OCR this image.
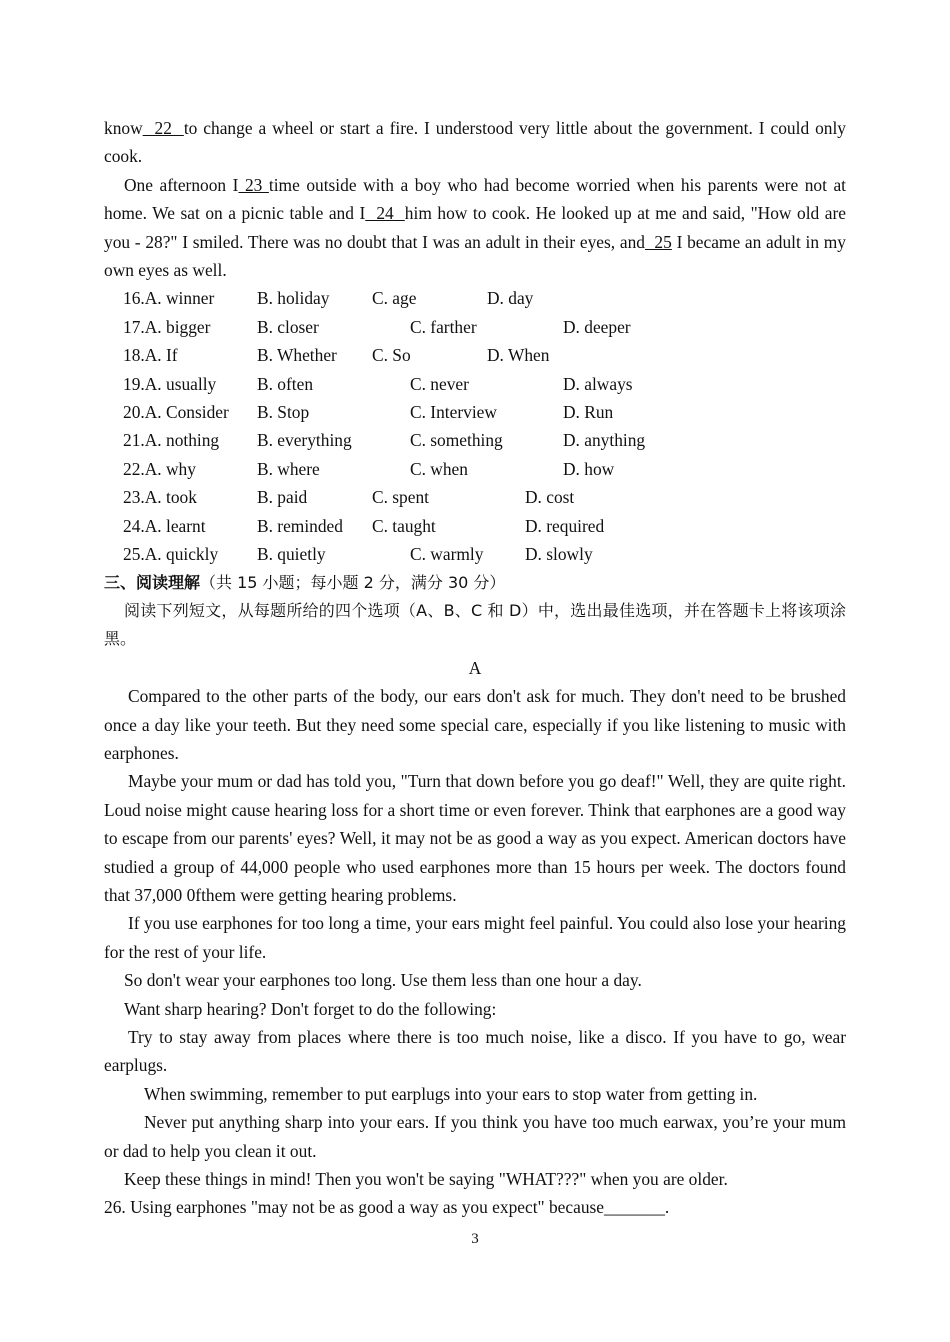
know  22  to change a wheel or start a fire. I understood very little about the government. I could only cook.

One afternoon I 23 time outside with a boy who had become worried when his parents were not at home. We sat on a picnic table and I  24  him how to cook. He looked up at me and said, "How old are you - 28?" I smiled. There was no doubt that I was an adult in their eyes, and  25 I became an adult in my own eyes as well.

16.A. winner	B. holiday	C. age	D. day
17.A. bigger	B. closer	C. farther	D. deeper
18.A. If	B. Whether	C. So	D. When
19.A. usually	B. often	C. never	D. always
20.A. Consider	B. Stop	C. Interview	D. Run
21.A. nothing	B. everything	C. something	D. anything
22.A. why	B. where	C. when	D. how
23.A. took	B. paid	C. spent	D. cost
24.A. learnt	B. reminded	C. taught	D. required
25.A. quickly	B. quietly	C. warmly	D. slowly

三、阅读理解（共 15 小题；每小题 2 分，满分 30 分）

阅读下列短文，从每题所给的四个选项（A、B、C 和 D）中，选出最佳选项，并在答题卡上将该项涂黑。

A

Compared to the other parts of the body, our ears don't ask for much. They don't need to be brushed once a day like your teeth. But they need some special care, especially if you like listening to music with earphones.

Maybe your mum or dad has told you, "Turn that down before you go deaf!" Well, they are quite right. Loud noise might cause hearing loss for a short time or even forever. Think that earphones are a good way to escape from our parents' eyes? Well, it may not be as good a way as you expect. American doctors have studied a group of 44,000 people who used earphones more than 15 hours per week. The doctors found that 37,000 0fthem were getting hearing problems.

If you use earphones for too long a time, your ears might feel painful. You could also lose your hearing for the rest of your life.

So don't wear your earphones too long. Use them less than one hour a day.

Want sharp hearing? Don't forget to do the following:

Try to stay away from places where there is too much noise, like a disco. If you have to go, wear earplugs.

When swimming, remember to put earplugs into your ears to stop water from getting in.

Never put anything sharp into your ears. If you think you have too much earwax, you’re your mum or dad to help you clean it out.

Keep these things in mind! Then you won't be saying "WHAT???" when you are older.

26. Using earphones "may not be as good a way as you expect" because_______.

3
